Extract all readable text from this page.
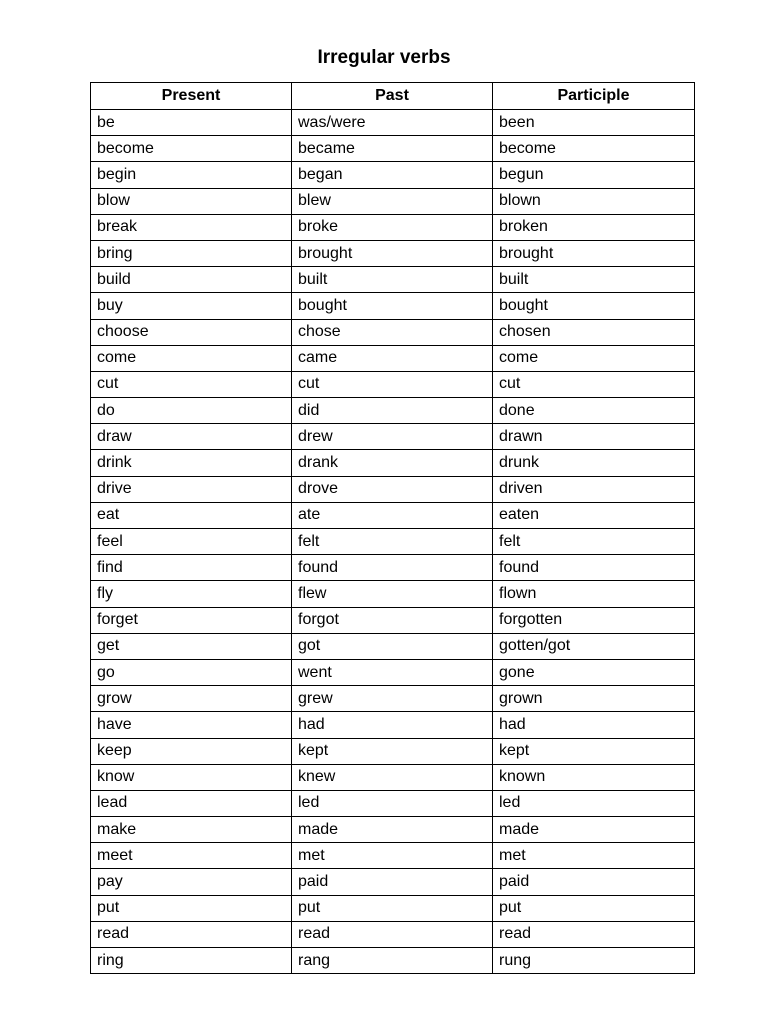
Irregular verbs
Present	Past	Participle
be	was/were	been
become	became	become
begin	began	begun
blow	blew	blown
break	broke	broken
bring	brought	brought
build	built	built
buy	bought	bought
choose	chose	chosen
come	came	come
cut	cut	cut
do	did	done
draw	drew	drawn
drink	drank	drunk
drive	drove	driven
eat	ate	eaten
feel	felt	felt
find	found	found
fly	flew	flown
forget	forgot	forgotten
get	got	gotten/got
go	went	gone
grow	grew	grown
have	had	had
keep	kept	kept
know	knew	known
lead	led	led
make	made	made
meet	met	met
pay	paid	paid
put	put	put
read	read	read
ring	rang	rung
